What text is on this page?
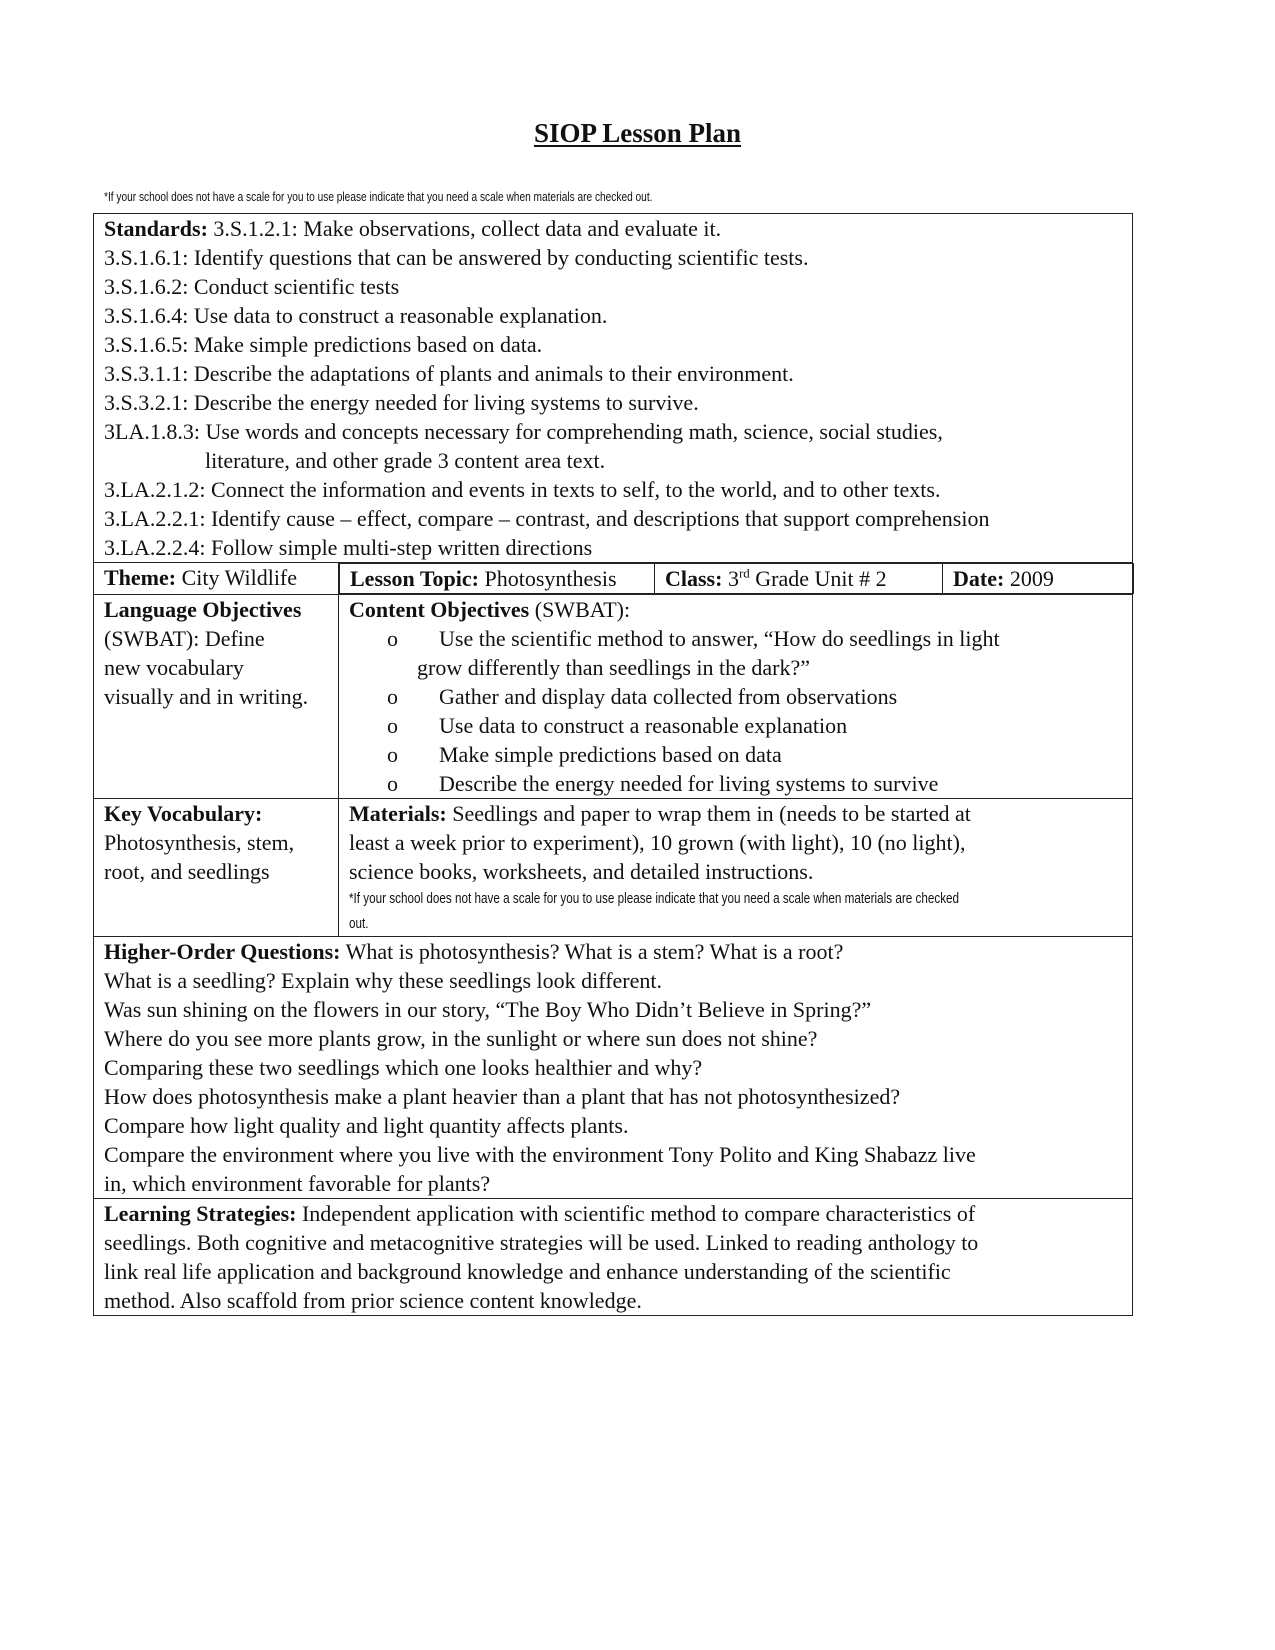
SIOP Lesson Plan
*If your school does not have a scale for you to use please indicate that you need a scale when materials are checked out.
Standards: 3.S.1.2.1: Make observations, collect data and evaluate it.
3.S.1.6.1: Identify questions that can be answered by conducting scientific tests.
3.S.1.6.2: Conduct scientific tests
3.S.1.6.4: Use data to construct a reasonable explanation.
3.S.1.6.5: Make simple predictions based on data.
3.S.3.1.1: Describe the adaptations of plants and animals to their environment.
3.S.3.2.1: Describe the energy needed for living systems to survive.
3LA.1.8.3: Use words and concepts necessary for comprehending math, science, social studies,
literature, and other grade 3 content area text.
3.LA.2.1.2: Connect the information and events in texts to self, to the world, and to other texts.
3.LA.2.2.1: Identify cause – effect, compare – contrast, and descriptions that support comprehension
3.LA.2.2.4: Follow simple multi-step written directions

Theme: City Wildlife	Lesson Topic: Photosynthesis	Class: 3rd Grade Unit # 2	Date: 2009

Language Objectives
(SWBAT): Define
new vocabulary
visually and in writing.

Content Objectives (SWBAT):
o	Use the scientific method to answer, “How do seedlings in light
grow differently than seedlings in the dark?”
o	Gather and display data collected from observations
o	Use data to construct a reasonable explanation
o	Make simple predictions based on data
o	Describe the energy needed for living systems to survive

Key Vocabulary:
Photosynthesis, stem,
root, and seedlings

Materials: Seedlings and paper to wrap them in (needs to be started at
least a week prior to experiment), 10 grown (with light), 10 (no light),
science books, worksheets, and detailed instructions.
*If your school does not have a scale for you to use please indicate that you need a scale when materials are checked
out.

Higher-Order Questions: What is photosynthesis? What is a stem? What is a root?
What is a seedling? Explain why these seedlings look different.
Was sun shining on the flowers in our story, “The Boy Who Didn’t Believe in Spring?”
Where do you see more plants grow, in the sunlight or where sun does not shine?
Comparing these two seedlings which one looks healthier and why?
How does photosynthesis make a plant heavier than a plant that has not photosynthesized?
Compare how light quality and light quantity affects plants.
Compare the environment where you live with the environment Tony Polito and King Shabazz live
in, which environment favorable for plants?

Learning Strategies: Independent application with scientific method to compare characteristics of
seedlings. Both cognitive and metacognitive strategies will be used. Linked to reading anthology to
link real life application and background knowledge and enhance understanding of the scientific
method. Also scaffold from prior science content knowledge.
